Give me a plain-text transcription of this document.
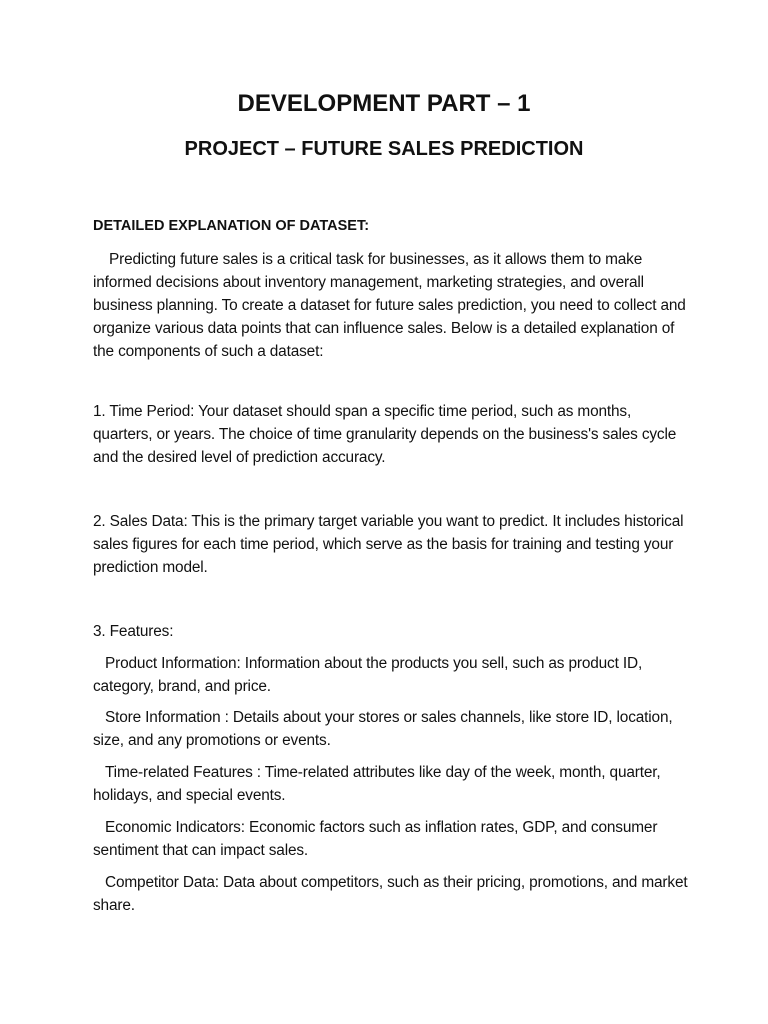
DEVELOPMENT PART – 1
PROJECT – FUTURE SALES PREDICTION
DETAILED EXPLANATION OF DATASET:

Predicting future sales is a critical task for businesses, as it allows them to make informed decisions about inventory management, marketing strategies, and overall business planning. To create a dataset for future sales prediction, you need to collect and organize various data points that can influence sales. Below is a detailed explanation of the components of such a dataset:

1. Time Period: Your dataset should span a specific time period, such as months, quarters, or years. The choice of time granularity depends on the business's sales cycle and the desired level of prediction accuracy.

2. Sales Data: This is the primary target variable you want to predict. It includes historical sales figures for each time period, which serve as the basis for training and testing your prediction model.

3. Features:

Product Information: Information about the products you sell, such as product ID, category, brand, and price.

Store Information : Details about your stores or sales channels, like store ID, location, size, and any promotions or events.

Time-related Features : Time-related attributes like day of the week, month, quarter, holidays, and special events.

Economic Indicators: Economic factors such as inflation rates, GDP, and consumer sentiment that can impact sales.

Competitor Data: Data about competitors, such as their pricing, promotions, and market share.
